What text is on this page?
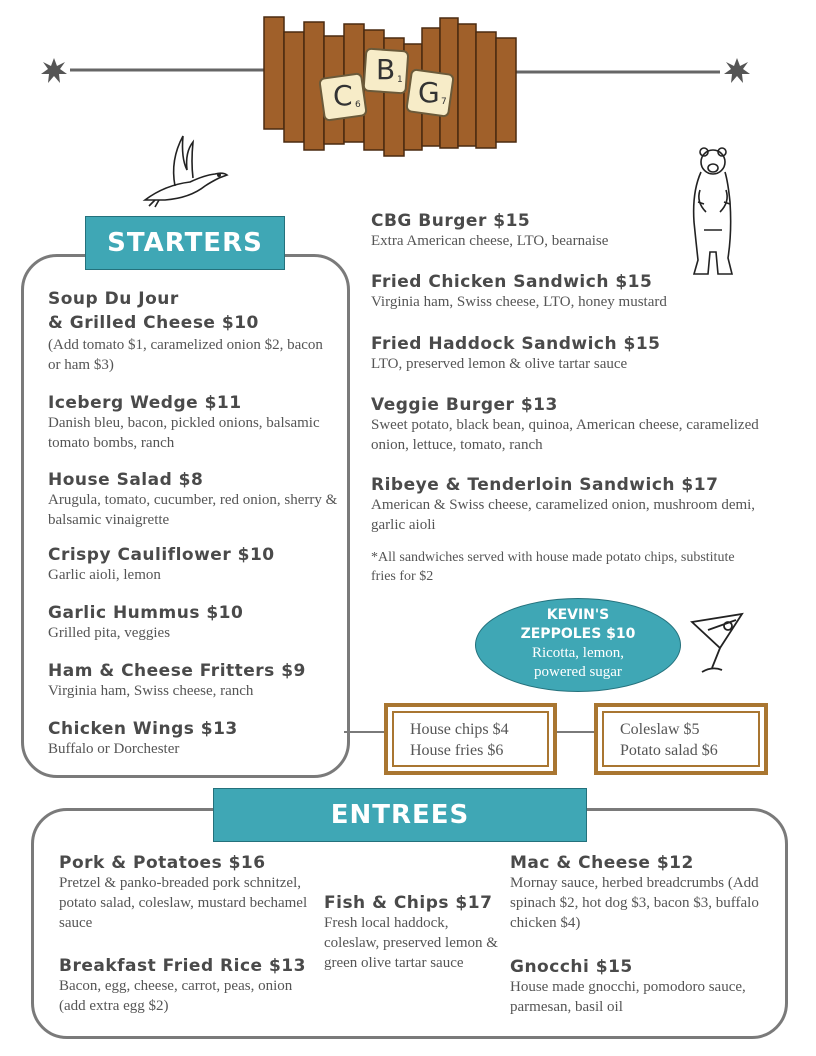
C 6
B 1 G 7
STARTERS
Soup Du Jour
& Grilled Cheese $10
(Add tomato $1, caramelized onion $2, bacon or ham $3)
Iceberg Wedge $11
Danish bleu, bacon, pickled onions, balsamic tomato bombs, ranch
House Salad $8
Arugula, tomato, cucumber, red onion, sherry & balsamic vinaigrette
Crispy Cauliflower $10
Garlic aioli, lemon
Garlic Hummus $10
Grilled pita, veggies
Ham & Cheese Fritters $9
Virginia ham, Swiss cheese, ranch
Chicken Wings $13
Buffalo or Dorchester
CBG Burger $15
Extra American cheese, LTO, bearnaise
Fried Chicken Sandwich $15
Virginia ham, Swiss cheese, LTO, honey mustard
Fried Haddock Sandwich $15
LTO, preserved lemon & olive tartar sauce
Veggie Burger $13
Sweet potato, black bean, quinoa, American cheese, caramelized onion, lettuce, tomato, ranch
Ribeye & Tenderloin Sandwich $17
American & Swiss cheese, caramelized onion, mushroom demi, garlic aioli
*All sandwiches served with house made potato chips, substitute fries for $2
KEVIN'S
ZEPPOLES $10
Ricotta, lemon,
powered sugar
House chips $4
House fries $6
Coleslaw $5
Potato salad $6
ENTREES
Pork & Potatoes $16
Pretzel & panko-breaded pork schnitzel, potato salad, coleslaw, mustard bechamel sauce
Breakfast Fried Rice $13
Bacon, egg, cheese, carrot, peas, onion (add extra egg $2)
Fish & Chips $17
Fresh local haddock, coleslaw, preserved lemon & green olive tartar sauce
Mac & Cheese $12
Mornay sauce, herbed breadcrumbs (Add spinach $2, hot dog $3, bacon $3, buffalo chicken $4)
Gnocchi $15
House made gnocchi, pomodoro sauce, parmesan, basil oil
